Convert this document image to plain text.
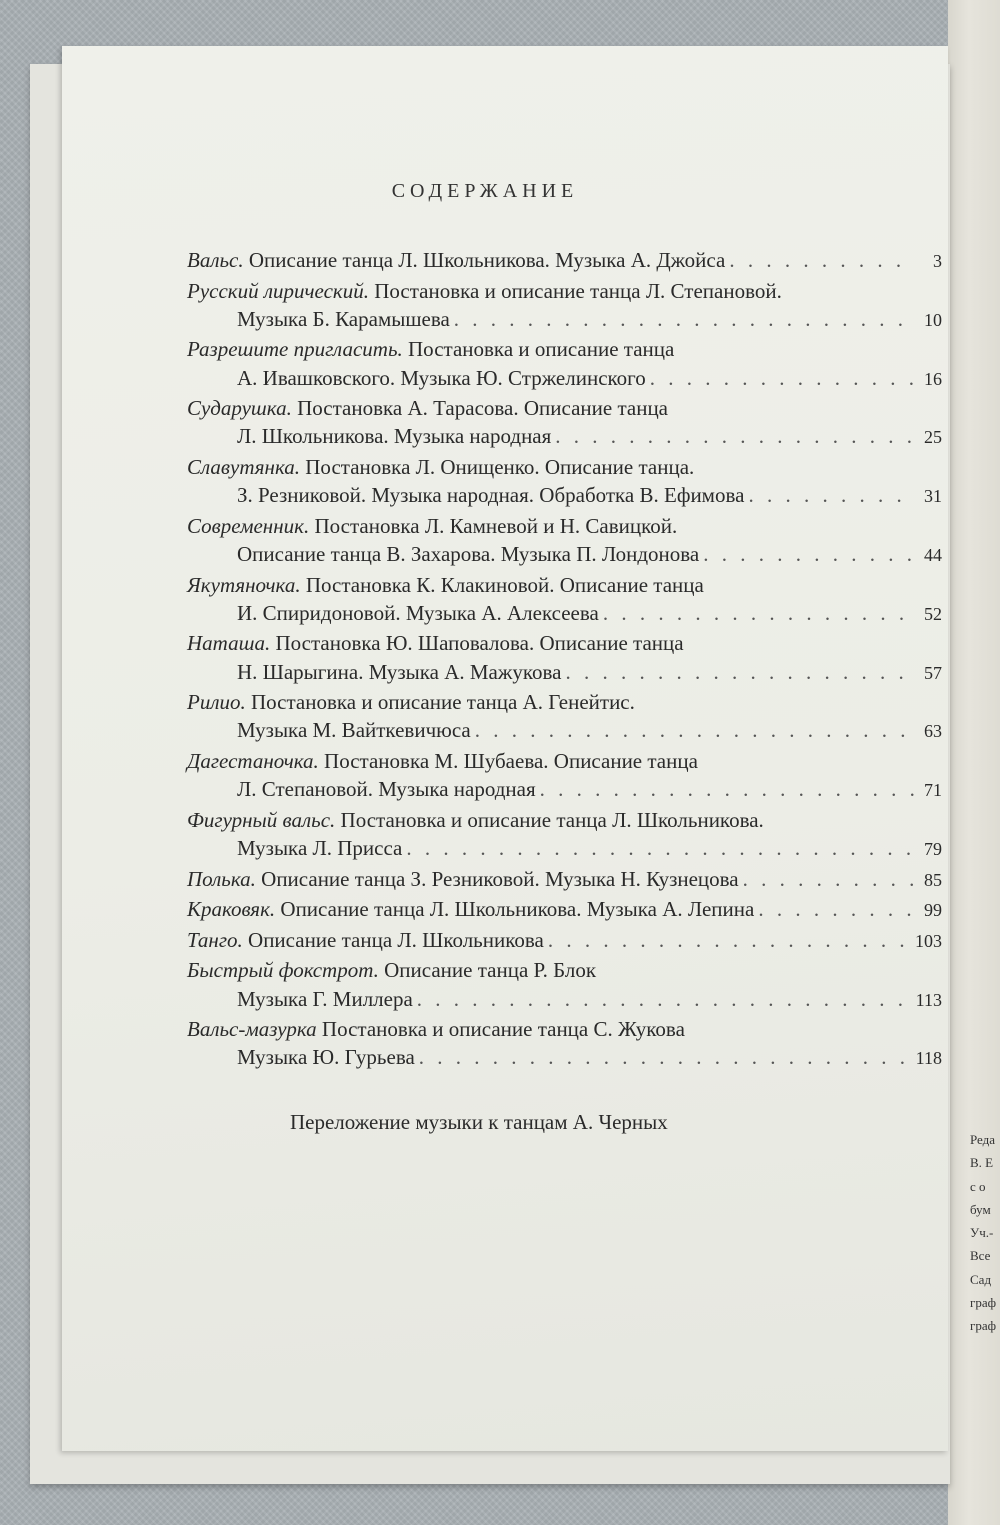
Реда
В. Е
с о
бум
Уч.-
Все
Сад
граф
граф
СОДЕРЖАНИЕ
Вальс.
Описание танца Л. Школьникова. Музыка А. Джойса . . .	3
Русский лирический.
Постановка и описание танца Л. Степановой.
Музыка Б. Карамышева . . .	10
Разрешите пригласить.
Постановка и описание танца
А. Ивашковского. Музыка Ю. Стржелинского . . .	16
Сударушка.
Постановка А. Тарасова. Описание танца
Л. Школьникова. Музыка народная . . .	25
Славутянка.
Постановка Л. Онищенко. Описание танца.
З. Резниковой. Музыка народная. Обработка В. Ефимова . . .	31
Современник.
Постановка Л. Камневой и Н. Савицкой.
Описание танца В. Захарова. Музыка П. Лондонова . . .	44
Якутяночка.
Постановка К. Клакиновой. Описание танца
И. Спиридоновой. Музыка А. Алексеева . . .	52
Наташа.
Постановка Ю. Шаповалова. Описание танца
Н. Шарыгина. Музыка А. Мажукова . . .	57
Рилио.
Постановка и описание танца А. Генейтис.
Музыка М. Вайткевичюса . . .	63
Дагестаночка.
Постановка М. Шубаева. Описание танца
Л. Степановой. Музыка народная . . .	71
Фигурный вальс.
Постановка и описание танца Л. Школьникова.
Музыка Л. Присса . . .	79
Полька.
Описание танца З. Резниковой. Музыка Н. Кузнецова . . .	85
Краковяк.
Описание танца Л. Школьникова. Музыка А. Лепина . . .	99
Танго.
Описание танца Л. Школьникова . . .	103
Быстрый фокстрот.
Описание танца Р. Блок
Музыка Г. Миллера . . .	113
Вальс-мазурка
Постановка и описание танца С. Жукова
Музыка Ю. Гурьева . . .	118
Переложение музыки к танцам А. Черных
